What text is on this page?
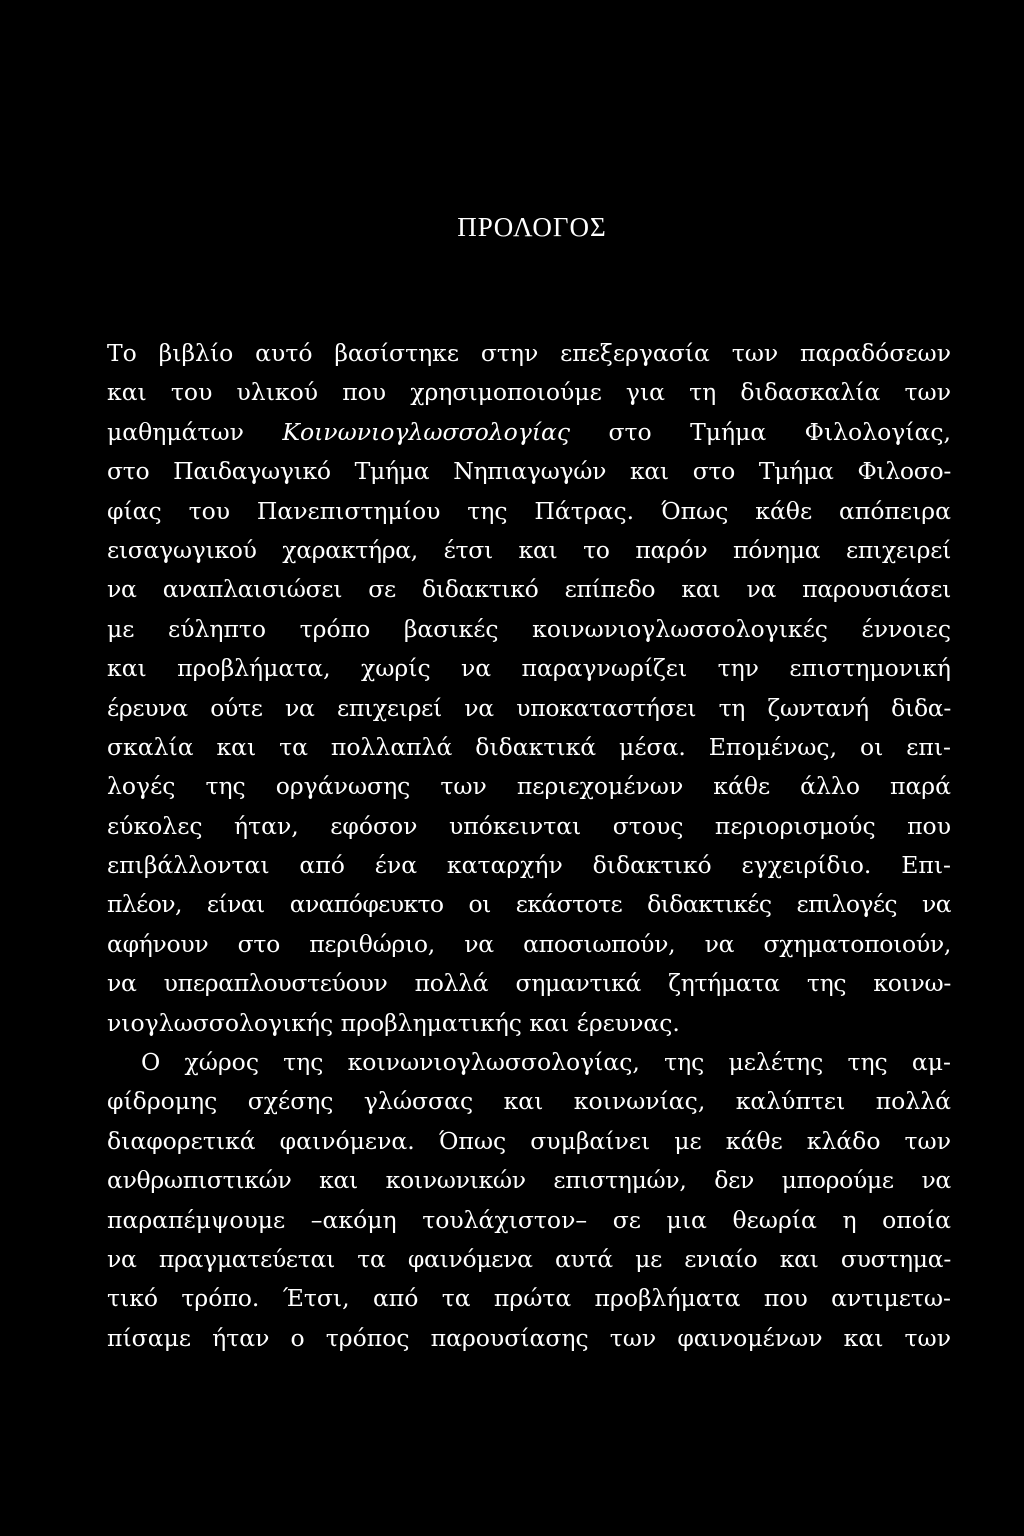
ΠΡΟΛΟΓΟΣ
Το βιβλίο αυτό βασίστηκε στην επεξεργασία των παραδόσεων
και του υλικού που χρησιμοποιούμε για τη διδασκαλία των
μαθημάτων Κοινωνιογλωσσολογίας στο Τμήμα Φιλολογίας,
στο Παιδαγωγικό Τμήμα Νηπιαγωγών και στο Τμήμα Φιλοσο-
φίας του Πανεπιστημίου της Πάτρας. Όπως κάθε απόπειρα
εισαγωγικού χαρακτήρα, έτσι και το παρόν πόνημα επιχειρεί
να αναπλαισιώσει σε διδακτικό επίπεδο και να παρουσιάσει
με εύληπτο τρόπο βασικές κοινωνιογλωσσολογικές έννοιες
και προβλήματα, χωρίς να παραγνωρίζει την επιστημονική
έρευνα ούτε να επιχειρεί να υποκαταστήσει τη ζωντανή διδα-
σκαλία και τα πολλαπλά διδακτικά μέσα. Επομένως, οι επι-
λογές της οργάνωσης των περιεχομένων κάθε άλλο παρά
εύκολες ήταν, εφόσον υπόκεινται στους περιορισμούς που
επιβάλλονται από ένα καταρχήν διδακτικό εγχειρίδιο. Επι-
πλέον, είναι αναπόφευκτο οι εκάστοτε διδακτικές επιλογές να
αφήνουν στο περιθώριο, να αποσιωπούν, να σχηματοποιούν,
να υπεραπλουστεύουν πολλά σημαντικά ζητήματα της κοινω-
νιογλωσσολογικής προβληματικής και έρευνας.
Ο χώρος της κοινωνιογλωσσολογίας, της μελέτης της αμ-
φίδρομης σχέσης γλώσσας και κοινωνίας, καλύπτει πολλά
διαφορετικά φαινόμενα. Όπως συμβαίνει με κάθε κλάδο των
ανθρωπιστικών και κοινωνικών επιστημών, δεν μπορούμε να
παραπέμψουμε –ακόμη τουλάχιστον– σε μια θεωρία η οποία
να πραγματεύεται τα φαινόμενα αυτά με ενιαίο και συστημα-
τικό τρόπο. Έτσι, από τα πρώτα προβλήματα που αντιμετω-
πίσαμε ήταν ο τρόπος παρουσίασης των φαινομένων και των
